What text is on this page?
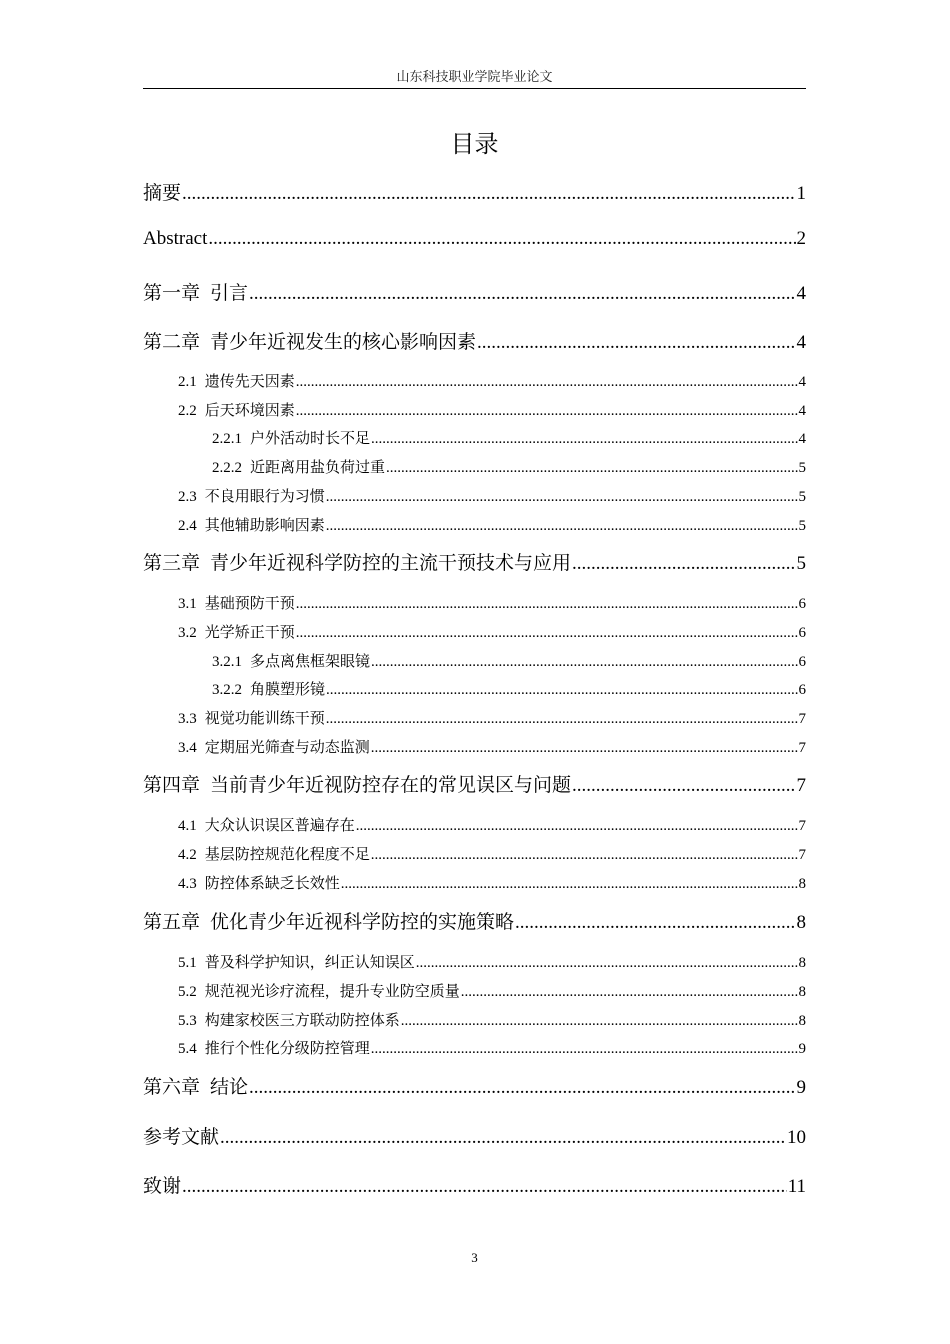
山东科技职业学院毕业论文
目录
摘要 .....	1
Abstract .....	2
第一章 引言 .....	4
第二章 青少年近视发生的核心影响因素 .....	4
2.1 遗传先天因素 .....	4
2.2 后天环境因素 .....	4
2.2.1 户外活动时长不足 .....	4
2.2.2 近距离用盐负荷过重 .....	5
2.3 不良用眼行为习惯 .....	5
2.4 其他辅助影响因素 .....	5
第三章 青少年近视科学防控的主流干预技术与应用 .....	5
3.1 基础预防干预 .....	6
3.2 光学矫正干预 .....	6
3.2.1 多点离焦框架眼镜 .....	6
3.2.2 角膜塑形镜 .....	6
3.3 视觉功能训练干预 .....	7
3.4 定期屈光筛查与动态监测 .....	7
第四章 当前青少年近视防控存在的常见误区与问题 .....	7
4.1 大众认识误区普遍存在 .....	7
4.2 基层防控规范化程度不足 .....	7
4.3 防控体系缺乏长效性 .....	8
第五章 优化青少年近视科学防控的实施策略 .....	8
5.1 普及科学护知识，纠正认知误区 .....	8
5.2 规范视光诊疗流程，提升专业防空质量 .....	8
5.3 构建家校医三方联动防控体系 .....	8
5.4 推行个性化分级防控管理 .....	9
第六章 结论 .....	9
参考文献 .....	10
致谢 .....	11
3
